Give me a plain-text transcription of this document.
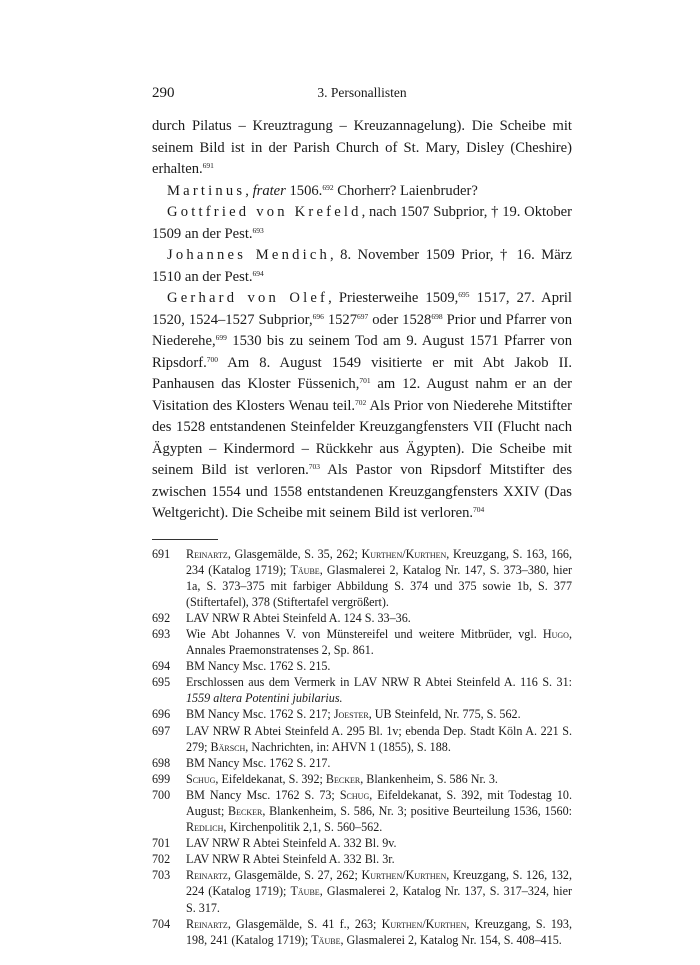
290	3. Personallisten

durch Pilatus – Kreuztragung – Kreuzannagelung). Die Scheibe mit seinem Bild ist in der Parish Church of St. Mary, Disley (Cheshire) erhalten.$^{691}$

Martinus, frater 1506.$^{692}$ Chorherr? Laienbruder?

Gottfried von Krefeld, nach 1507 Subprior, † 19. Oktober 1509 an der Pest.$^{693}$

Johannes Mendich, 8. November 1509 Prior, † 16. März 1510 an der Pest.$^{694}$

Gerhard von Olef, Priesterweihe 1509,$^{695}$ 1517, 27. April 1520, 1524–1527 Subprior,$^{696}$ 1527$^{697}$ oder 1528$^{698}$ Prior und Pfarrer von Niederehe,$^{699}$ 1530 bis zu seinem Tod am 9. August 1571 Pfarrer von Ripsdorf.$^{700}$ Am 8. August 1549 visitierte er mit Abt Jakob II. Panhausen das Kloster Füssenich,$^{701}$ am 12. August nahm er an der Visitation des Klosters Wenau teil.$^{702}$ Als Prior von Niederehe Mitstifter des 1528 entstandenen Steinfelder Kreuzgangfensters VII (Flucht nach Ägypten – Kindermord – Rückkehr aus Ägypten). Die Scheibe mit seinem Bild ist verloren.$^{703}$ Als Pastor von Ripsdorf Mitstifter des zwischen 1554 und 1558 entstandenen Kreuzgangfensters XXIV (Das Weltgericht). Die Scheibe mit seinem Bild ist verloren.$^{704}$

691 Reinartz, Glasgemälde, S. 35, 262; Kurthen/Kurthen, Kreuzgang, S. 163, 166, 234 (Katalog 1719); Täube, Glasmalerei 2, Katalog Nr. 147, S. 373–380, hier 1a, S. 373–375 mit farbiger Abbildung S. 374 und 375 sowie 1b, S. 377 (Stiftertafel), 378 (Stiftertafel vergrößert).
692 LAV NRW R Abtei Steinfeld A. 124 S. 33–36.
693 Wie Abt Johannes V. von Münstereifel und weitere Mitbrüder, vgl. Hugo, Annales Praemonstratenses 2, Sp. 861.
694 BM Nancy Msc. 1762 S. 215.
695 Erschlossen aus dem Vermerk in LAV NRW R Abtei Steinfeld A. 116 S. 31: 1559 altera Potentini jubilarius.
696 BM Nancy Msc. 1762 S. 217; Joester, UB Steinfeld, Nr. 775, S. 562.
697 LAV NRW R Abtei Steinfeld A. 295 Bl. 1v; ebenda Dep. Stadt Köln A. 221 S. 279; Bärsch, Nachrichten, in: AHVN 1 (1855), S. 188.
698 BM Nancy Msc. 1762 S. 217.
699 Schug, Eifeldekanat, S. 392; Becker, Blankenheim, S. 586 Nr. 3.
700 BM Nancy Msc. 1762 S. 73; Schug, Eifeldekanat, S. 392, mit Todestag 10. August; Becker, Blankenheim, S. 586, Nr. 3; positive Beurteilung 1536, 1560: Redlich, Kirchenpolitik 2,1, S. 560–562.
701 LAV NRW R Abtei Steinfeld A. 332 Bl. 9v.
702 LAV NRW R Abtei Steinfeld A. 332 Bl. 3r.
703 Reinartz, Glasgemälde, S. 27, 262; Kurthen/Kurthen, Kreuzgang, S. 126, 132, 224 (Katalog 1719); Täube, Glasmalerei 2, Katalog Nr. 137, S. 317–324, hier S. 317.
704 Reinartz, Glasgemälde, S. 41 f., 263; Kurthen/Kurthen, Kreuzgang, S. 193, 198, 241 (Katalog 1719); Täube, Glasmalerei 2, Katalog Nr. 154, S. 408–415.
